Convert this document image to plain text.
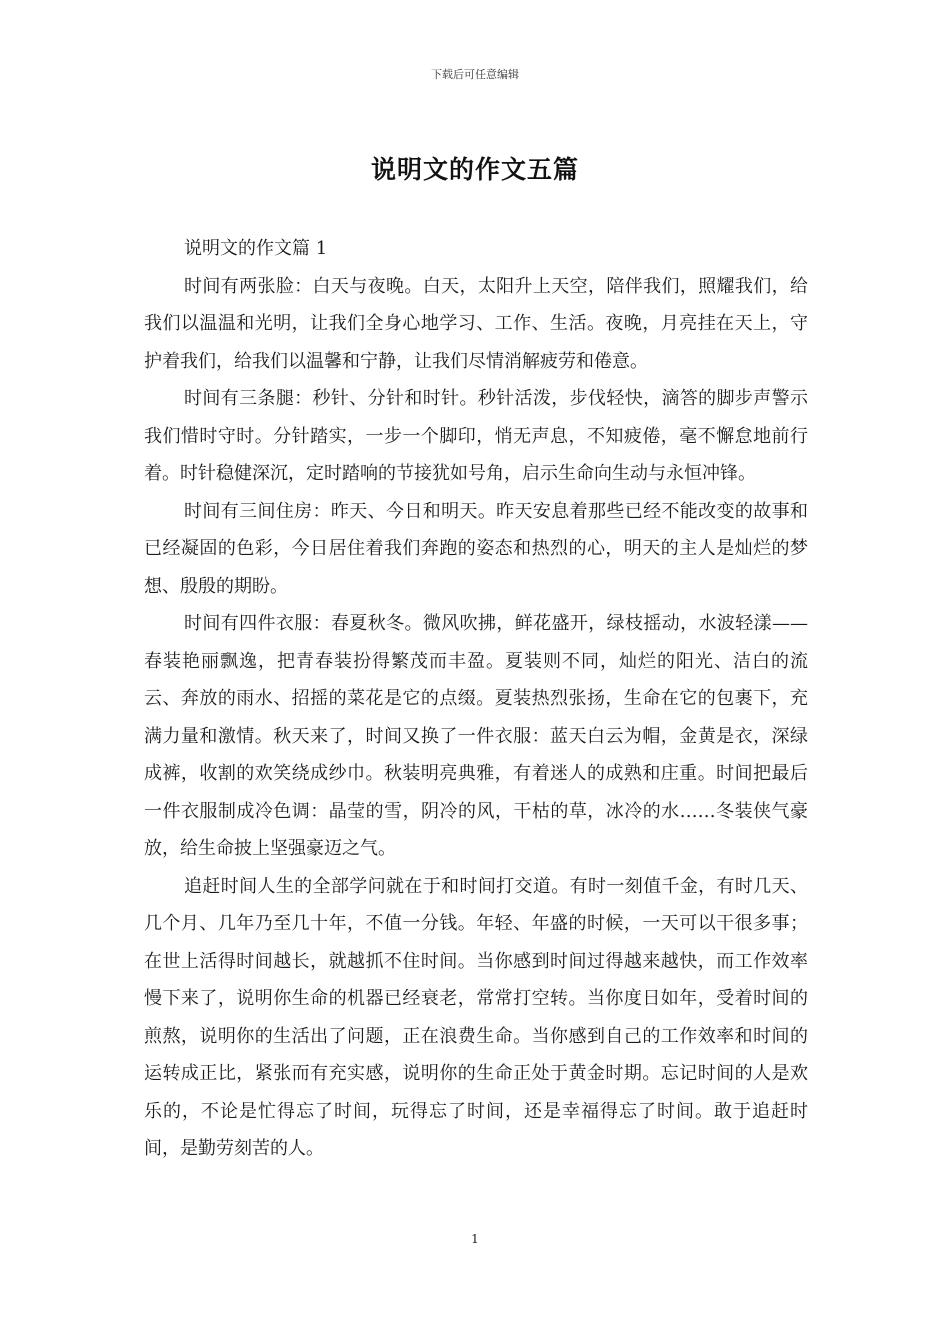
下载后可任意编辑
说明文的作文五篇

说明文的作文篇 1

时间有两张脸：白天与夜晚。白天，太阳升上天空，陪伴我们，照耀我们，给我们以温温和光明，让我们全身心地学习、工作、生活。夜晚，月亮挂在天上，守护着我们，给我们以温馨和宁静，让我们尽情消解疲劳和倦意。

时间有三条腿：秒针、分针和时针。秒针活泼，步伐轻快，滴答的脚步声警示我们惜时守时。分针踏实，一步一个脚印，悄无声息，不知疲倦，毫不懈怠地前行着。时针稳健深沉，定时踏响的节接犹如号角，启示生命向生动与永恒冲锋。

时间有三间住房：昨天、今日和明天。昨天安息着那些已经不能改变的故事和已经凝固的色彩，今日居住着我们奔跑的姿态和热烈的心，明天的主人是灿烂的梦想、殷殷的期盼。

时间有四件衣服：春夏秋冬。微风吹拂，鲜花盛开，绿枝摇动，水波轻漾——春装艳丽飘逸，把青春装扮得繁茂而丰盈。夏装则不同，灿烂的阳光、洁白的流云、奔放的雨水、招摇的菜花是它的点缀。夏装热烈张扬，生命在它的包裹下，充满力量和激情。秋天来了，时间又换了一件衣服：蓝天白云为帽，金黄是衣，深绿成裤，收割的欢笑绕成纱巾。秋装明亮典雅，有着迷人的成熟和庄重。时间把最后一件衣服制成冷色调：晶莹的雪，阴冷的风，干枯的草，冰冷的水……冬装侠气豪放，给生命披上坚强豪迈之气。

追赶时间人生的全部学问就在于和时间打交道。有时一刻值千金，有时几天、几个月、几年乃至几十年，不值一分钱。年轻、年盛的时候，一天可以干很多事；在世上活得时间越长，就越抓不住时间。当你感到时间过得越来越快，而工作效率慢下来了，说明你生命的机器已经衰老，常常打空转。当你度日如年，受着时间的煎熬，说明你的生活出了问题，正在浪费生命。当你感到自己的工作效率和时间的运转成正比，紧张而有充实感，说明你的生命正处于黄金时期。忘记时间的人是欢乐的，不论是忙得忘了时间，玩得忘了时间，还是幸福得忘了时间。敢于追赶时间，是勤劳刻苦的人。

1
